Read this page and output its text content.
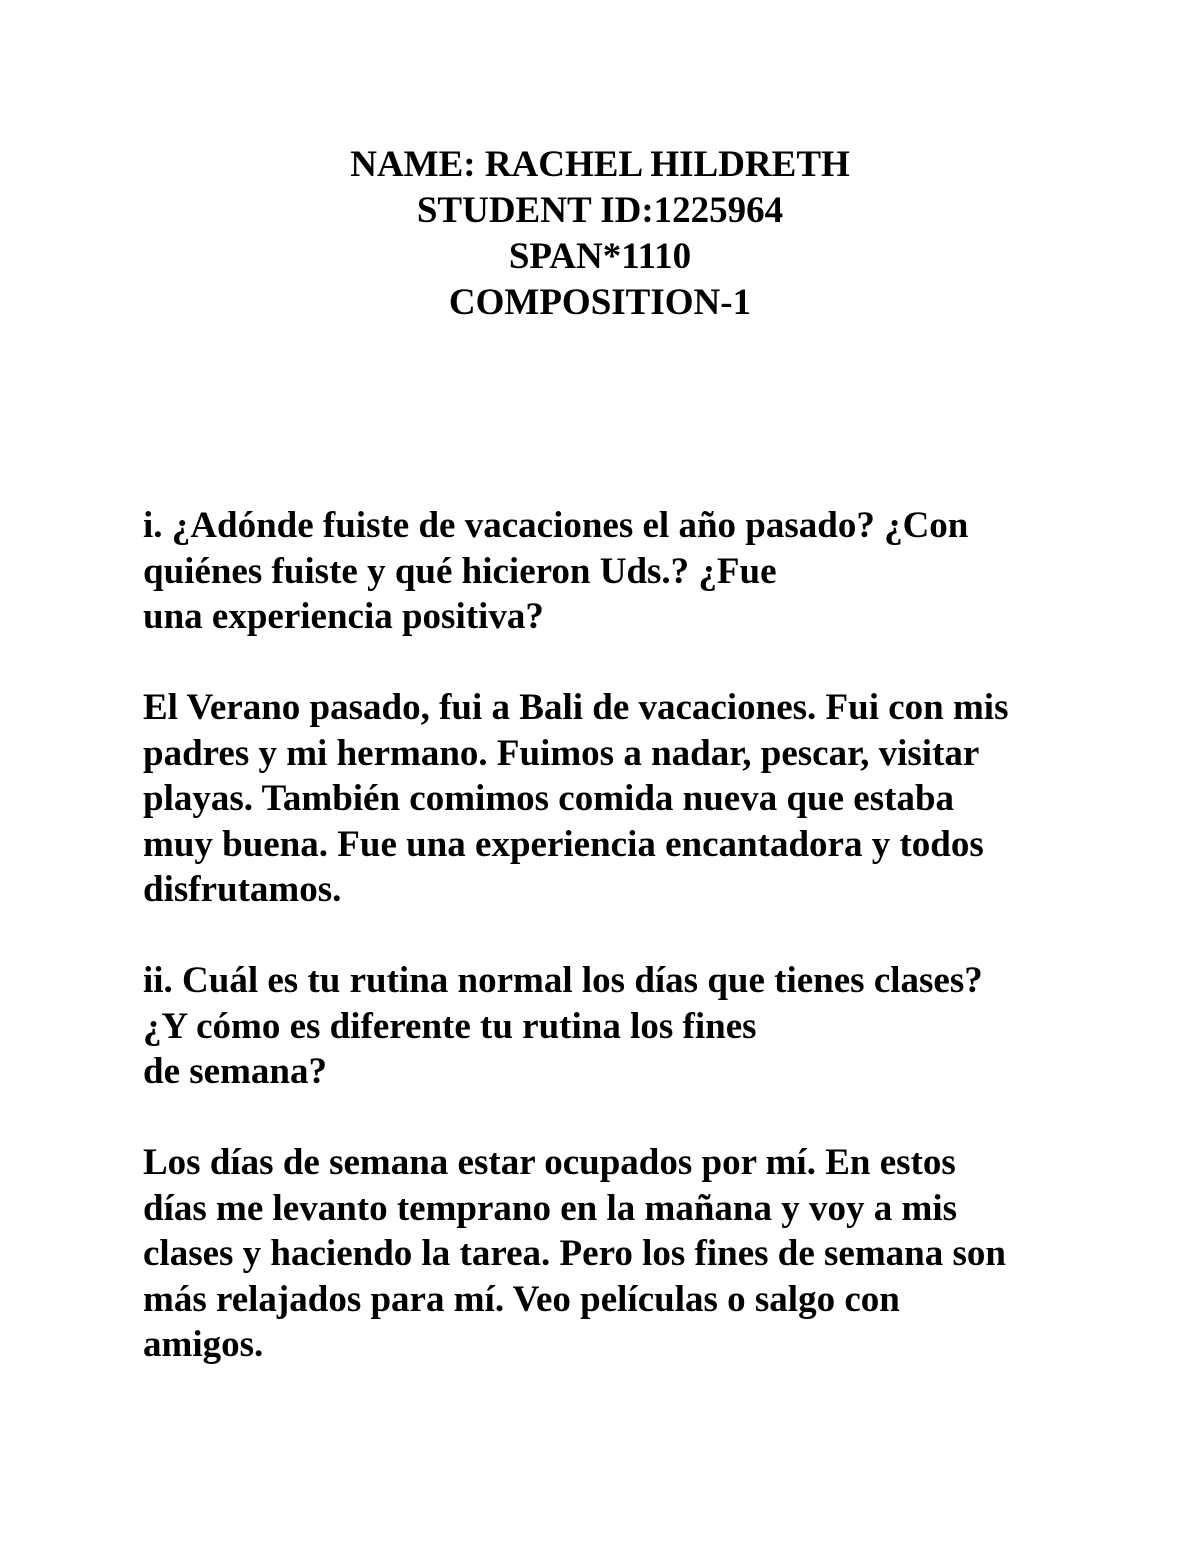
NAME: RACHEL HILDRETH
STUDENT ID:1225964
SPAN*1110
COMPOSITION-1
i. ¿Adónde fuiste de vacaciones el año pasado? ¿Con
quiénes fuiste y qué hicieron Uds.? ¿Fue
una experiencia positiva?
El Verano pasado, fui a Bali de vacaciones. Fui con mis
padres y mi hermano. Fuimos a nadar, pescar, visitar
playas. También comimos comida nueva que estaba
muy buena. Fue una experiencia encantadora y todos
disfrutamos.
ii. Cuál es tu rutina normal los días que tienes clases?
¿Y cómo es diferente tu rutina los fines
de semana?
Los días de semana estar ocupados por mí. En estos
días me levanto temprano en la mañana y voy a mis
clases y haciendo la tarea. Pero los fines de semana son
más relajados para mí. Veo películas o salgo con
amigos.
